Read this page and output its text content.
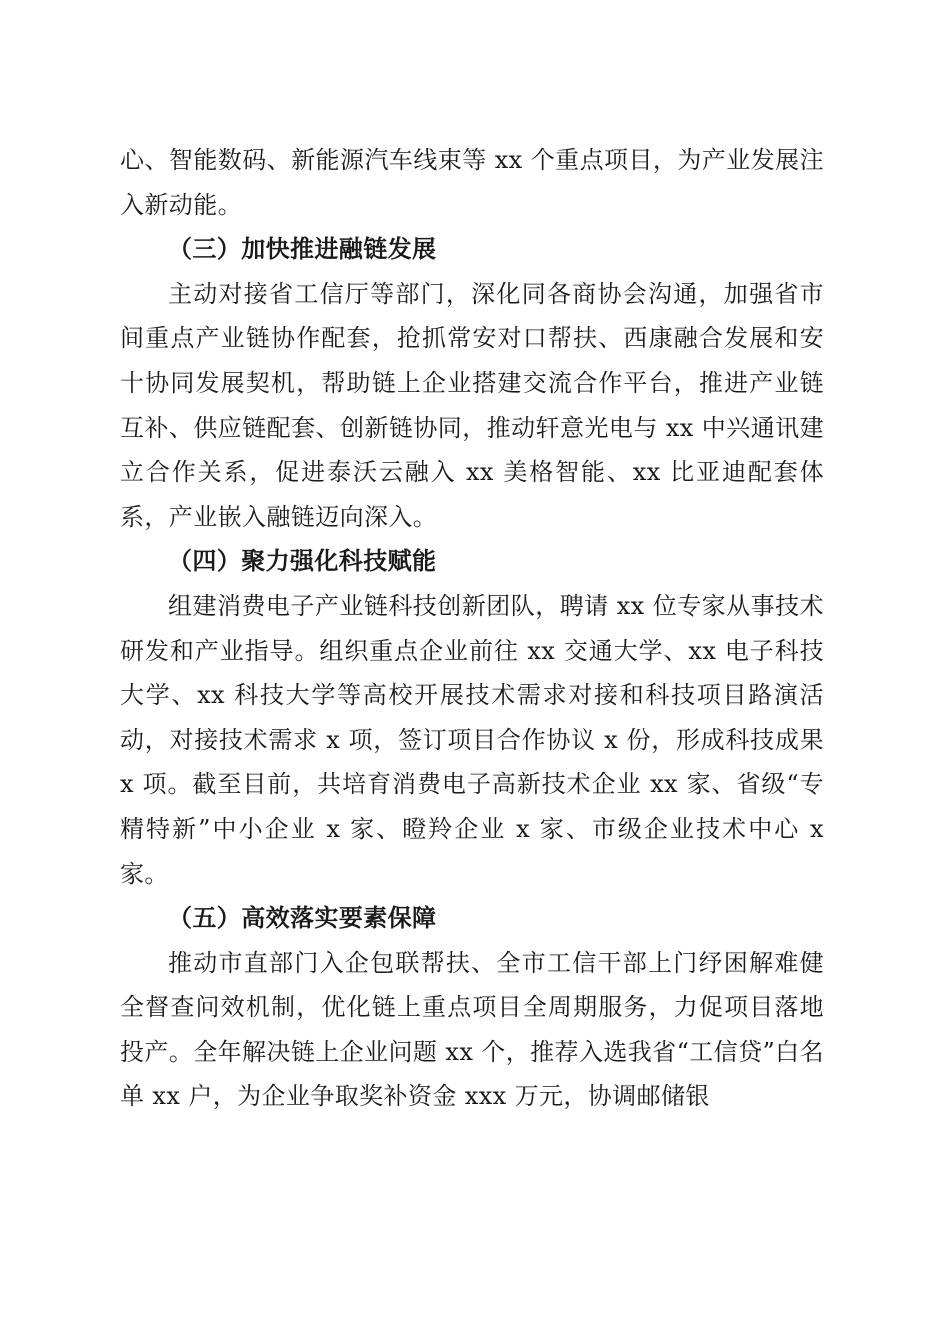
心、智能数码、新能源汽车线束等 xx 个重点项目，为产业发展注入新动能。

（三）加快推进融链发展

主动对接省工信厅等部门，深化同各商协会沟通，加强省市间重点产业链协作配套，抢抓常安对口帮扶、西康融合发展和安十协同发展契机，帮助链上企业搭建交流合作平台，推进产业链互补、供应链配套、创新链协同，推动轩意光电与 xx 中兴通讯建立合作关系，促进泰沃云融入 xx 美格智能、xx 比亚迪配套体系，产业嵌入融链迈向深入。

（四）聚力强化科技赋能

组建消费电子产业链科技创新团队，聘请 xx 位专家从事技术研发和产业指导。组织重点企业前往 xx 交通大学、xx 电子科技大学、xx 科技大学等高校开展技术需求对接和科技项目路演活动，对接技术需求 x 项，签订项目合作协议 x 份，形成科技成果 x 项。截至目前，共培育消费电子高新技术企业 xx 家、省级“专精特新”中小企业 x 家、瞪羚企业 x 家、市级企业技术中心 x 家。

（五）高效落实要素保障

推动市直部门入企包联帮扶、全市工信干部上门纾困解难健全督查问效机制，优化链上重点项目全周期服务，力促项目落地投产。全年解决链上企业问题 xx 个，推荐入选我省“工信贷”白名单 xx 户，为企业争取奖补资金 xxx 万元，协调邮储银
